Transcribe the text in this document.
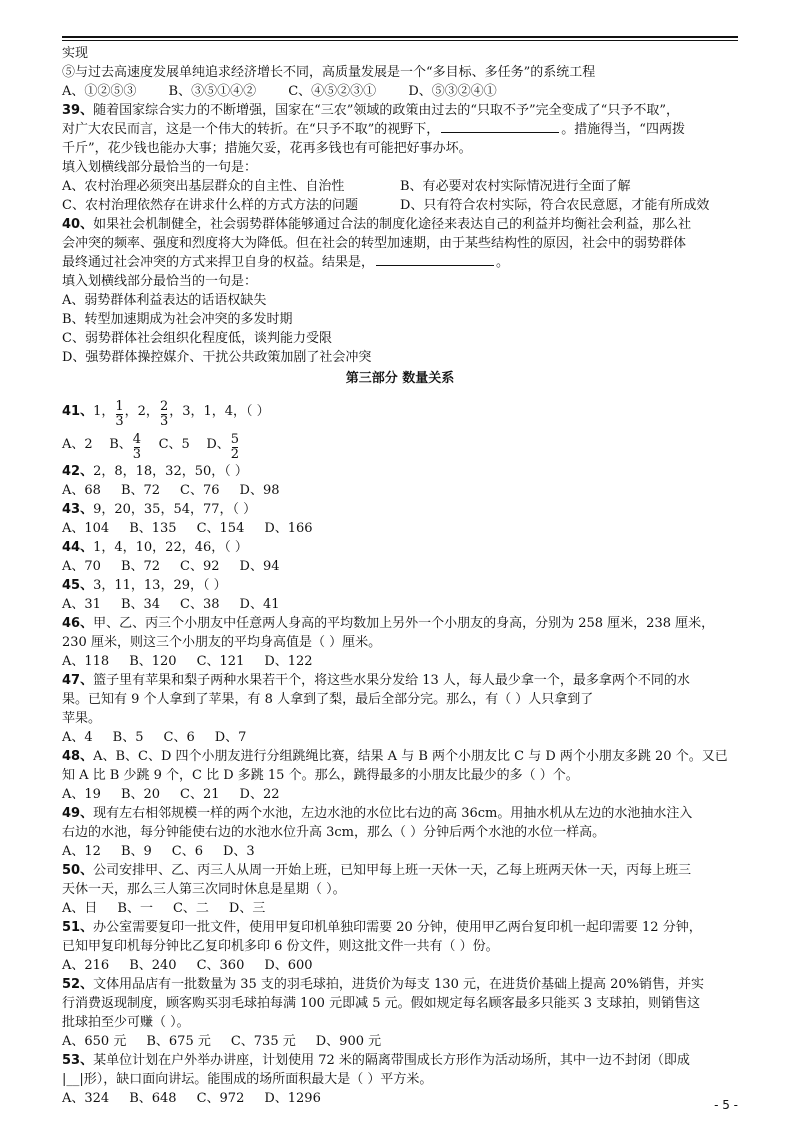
实现

⑤与过去高速度发展单纯追求经济增长不同，高质量发展是一个“多目标、多任务”的系统工程

A、①②⑤③ B、③⑤①④② C、④⑤②③① D、⑤③②④①

39、随着国家综合实力的不断增强，国家在“三农”领域的政策由过去的“只取不予”完全变成了“只予不取”，

对广大农民而言，这是一个伟大的转折。在“只予不取”的视野下，	。措施得当，“四两拨

千斤”，花少钱也能办大事；措施欠妥，花再多钱也有可能把好事办坏。

填入划横线部分最恰当的一句是：

A、农村治理必须突出基层群众的自主性、自治性	B、有必要对农村实际情况进行全面了解

C、农村治理依然存在讲求什么样的方式方法的问题	D、只有符合农村实际，符合农民意愿，才能有所成效

40、如果社会机制健全，社会弱势群体能够通过合法的制度化途径来表达自己的利益并均衡社会利益，那么社

会冲突的频率、强度和烈度将大为降低。但在社会的转型加速期，由于某些结构性的原因，社会中的弱势群体

最终通过社会冲突的方式来捍卫自身的权益。结果是，	。

填入划横线部分最恰当的一句是：

A、弱势群体利益表达的话语权缺失

B、转型加速期成为社会冲突的多发时期

C、弱势群体社会组织化程度低，谈判能力受限

D、强势群体操控媒介、干扰公共政策加剧了社会冲突

第三部分 数量关系

41、1， $\frac{1}{3}$ ，2， $\frac{2}{3}$ ，3，1，4，（ ）

A、2 B、 $\frac{4}{3}$ C、5 D、 $\frac{5}{2}$

42、2，8，18，32，50，（ ）

A、68 B、72 C、76 D、98

43、9，20，35，54，77，（ ）

A、104 B、135 C、154 D、166

44、1，4，10，22，46，（ ）

A、70 B、72 C、92 D、94

45、3，11，13，29，（ ）

A、31 B、34 C、38 D、41

46、甲、乙、丙三个小朋友中任意两人身高的平均数加上另外一个小朋友的身高，分别为 258 厘米，238 厘米，

230 厘米，则这三个小朋友的平均身高值是（ ）厘米。

A、118 B、120 C、121 D、122

47、篮子里有苹果和梨子两种水果若干个，将这些水果分发给 13 人，每人最少拿一个，最多拿两个不同的水

果。已知有 9 个人拿到了苹果，有 8 人拿到了梨，最后全部分完。那么，有（ ）人只拿到了

苹果。

A、4 B、5 C、6 D、7

48、A、B、C、D 四个小朋友进行分组跳绳比赛，结果 A 与 B 两个小朋友比 C 与 D 两个小朋友多跳 20 个。又已

知 A 比 B 少跳 9 个，C 比 D 多跳 15 个。那么，跳得最多的小朋友比最少的多（ ）个。

A、19 B、20 C、21 D、22

49、现有左右相邻规模一样的两个水池，左边水池的水位比右边的高 36cm。用抽水机从左边的水池抽水注入

右边的水池，每分钟能使右边的水池水位升高 3cm，那么（ ）分钟后两个水池的水位一样高。

A、12 B、9 C、6 D、3

50、公司安排甲、乙、丙三人从周一开始上班，已知甲每上班一天休一天，乙每上班两天休一天，丙每上班三

天休一天，那么三人第三次同时休息是星期（ ）。

A、日 B、一 C、二 D、三

51、办公室需要复印一批文件，使用甲复印机单独印需要 20 分钟，使用甲乙两台复印机一起印需要 12 分钟，

已知甲复印机每分钟比乙复印机多印 6 份文件，则这批文件一共有（ ）份。

A、216 B、240 C、360 D、600

52、文体用品店有一批数量为 35 支的羽毛球拍，进货价为每支 130 元，在进货价基础上提高 20%销售，并实

行消费返现制度，顾客购买羽毛球拍每满 100 元即减 5 元。假如规定每名顾客最多只能买 3 支球拍，则销售这

批球拍至少可赚（ ）。

A、650 元 B、675 元 C、735 元 D、900 元

53、某单位计划在户外举办讲座，计划使用 72 米的隔离带围成长方形作为活动场所，其中一边不封闭（即成

|__|形），缺口面向讲坛。能围成的场所面积最大是（ ）平方米。

A、324 B、648 C、972 D、1296	- 5 -
